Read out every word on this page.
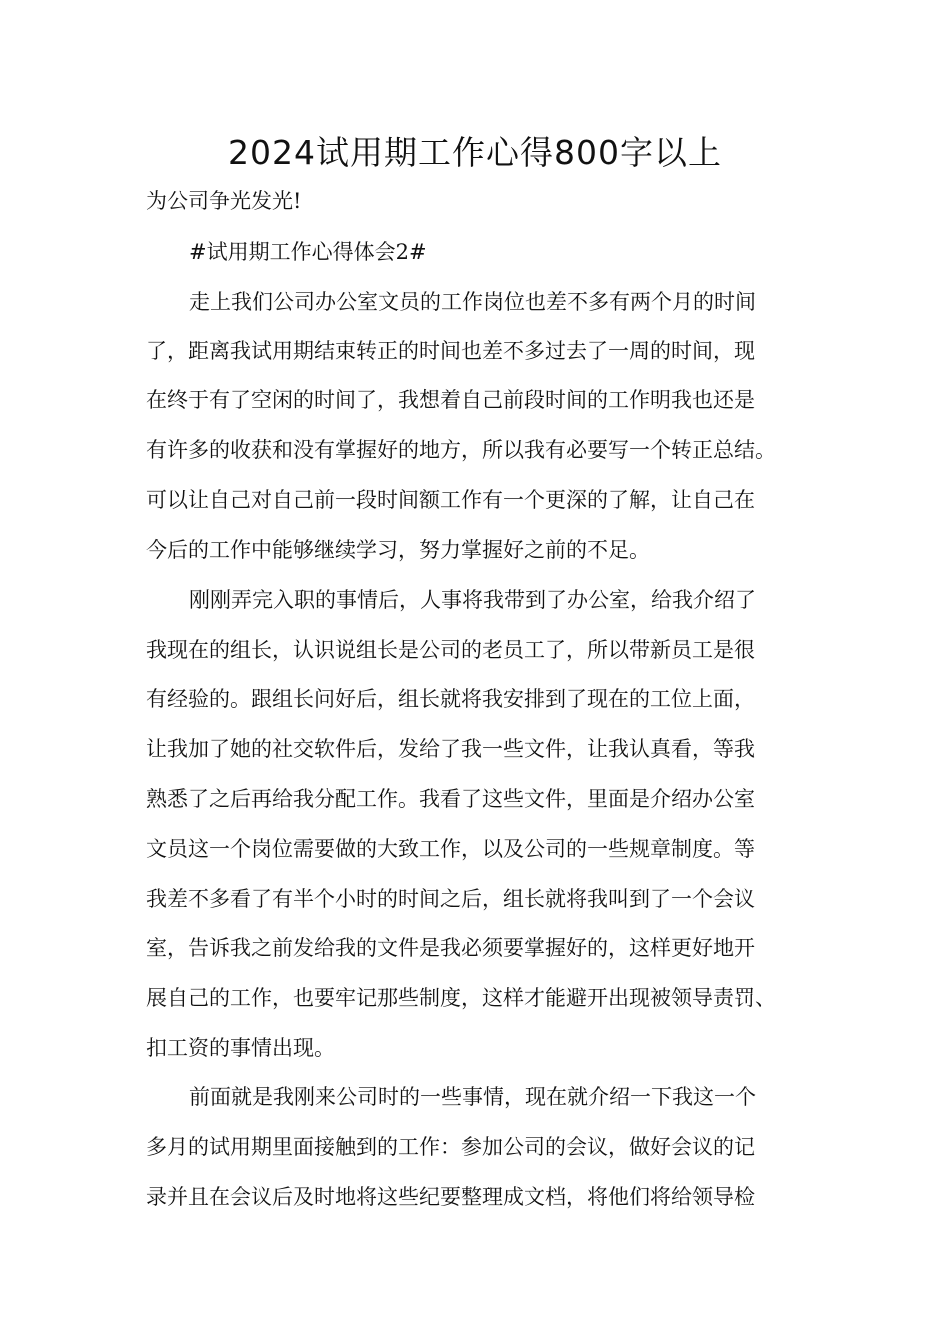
2024试用期工作心得800字以上

为公司争光发光!

#试用期工作心得体会2#

走上我们公司办公室文员的工作岗位也差不多有两个月的时间

了，距离我试用期结束转正的时间也差不多过去了一周的时间，现

在终于有了空闲的时间了，我想着自己前段时间的工作明我也还是

有许多的收获和没有掌握好的地方，所以我有必要写一个转正总结。

可以让自己对自己前一段时间额工作有一个更深的了解，让自己在

今后的工作中能够继续学习，努力掌握好之前的不足。

刚刚弄完入职的事情后，人事将我带到了办公室，给我介绍了

我现在的组长，认识说组长是公司的老员工了，所以带新员工是很

有经验的。跟组长问好后，组长就将我安排到了现在的工位上面，

让我加了她的社交软件后，发给了我一些文件，让我认真看，等我

熟悉了之后再给我分配工作。我看了这些文件，里面是介绍办公室

文员这一个岗位需要做的大致工作，以及公司的一些规章制度。等

我差不多看了有半个小时的时间之后，组长就将我叫到了一个会议

室，告诉我之前发给我的文件是我必须要掌握好的，这样更好地开

展自己的工作，也要牢记那些制度，这样才能避开出现被领导责罚、

扣工资的事情出现。

前面就是我刚来公司时的一些事情，现在就介绍一下我这一个

多月的试用期里面接触到的工作：参加公司的会议，做好会议的记

录并且在会议后及时地将这些纪要整理成文档，将他们将给领导检
